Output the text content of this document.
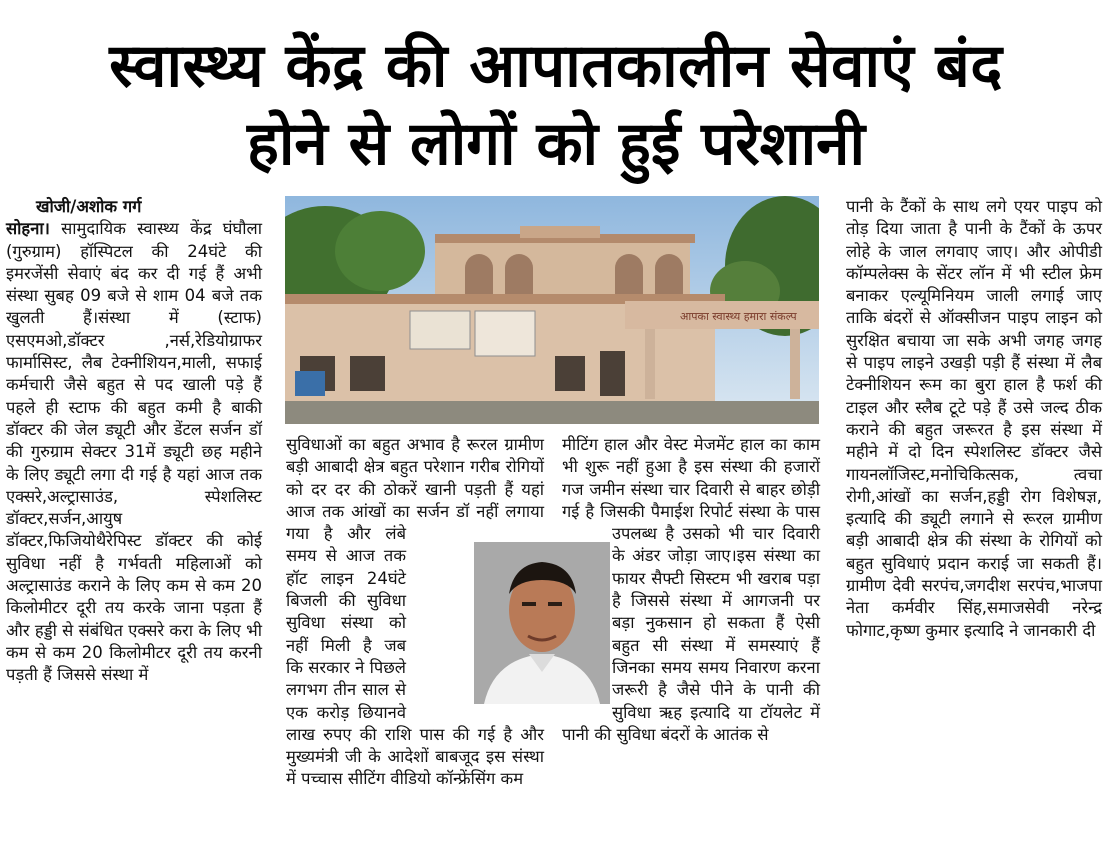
स्वास्थ्य केंद्र की आपातकालीन सेवाएं बंद
होने से लोगों को हुई परेशानी
आपका स्वास्थ्य हमारा संकल्प

खोजी/अशोक गर्ग

सोहना। सामुदायिक स्वास्थ्य केंद्र घंघौला (गुरुग्राम) हॉस्पिटल की 24घंटे की इमरजेंसी सेवाएं बंद कर दी गई हैं अभी संस्था सुबह 09 बजे से शाम 04 बजे तक खुलती हैं।संस्था में (स्टाफ) एसएमओ,डॉक्टर ,नर्स,रेडियोग्राफर फार्मासिस्ट, लैब टेक्नीशियन,माली, सफाई कर्मचारी जैसे बहुत से पद खाली पड़े हैं पहले ही स्टाफ की बहुत कमी है बाकी डॉक्टर की जेल ड्यूटी और डेंटल सर्जन डॉ की गुरुग्राम सेक्टर 31में ड्यूटी छह महीने के लिए ड्यूटी लगा दी गई है यहां आज तक एक्सरे,अल्ट्रासाउंड, स्पेशलिस्ट डॉक्टर,सर्जन,आयुष डॉक्टर,फिजियोथैरेपिस्ट डॉक्टर की कोई सुविधा नहीं है गर्भवती महिलाओं को अल्ट्रासाउंड कराने के लिए कम से कम 20 किलोमीटर दूरी तय करके जाना पड़ता हैं और हड्डी से संबंधित एक्सरे करा के लिए भी कम से कम 20 किलोमीटर दूरी तय करनी पड़ती हैं जिससे संस्था में

सुविधाओं का बहुत अभाव है रूरल ग्रामीण बड़ी आबादी क्षेत्र बहुत परेशान गरीब रोगियों को दर दर की ठोकरें खानी पड़ती हैं यहां आज तक आंखों का सर्जन डॉ नहीं लगाया गया है और लंबे समय से आज तक हॉट लाइन 24घंटे बिजली की सुविधा सुविधा संस्था को नहीं मिली है जब कि सरकार ने पिछले लगभग तीन साल से एक करोड़ छियानवे लाख रुपए की राशि पास की गई है और मुख्यमंत्री जी के आदेशों बाबजूद इस संस्था में पच्चास सीटिंग वीडियो कॉन्फ्रेंसिंग कम

मीटिंग हाल और वेस्ट मेजमेंट हाल का काम भी शुरू नहीं हुआ है इस संस्था की हजारों गज जमीन संस्था चार दिवारी से बाहर छोड़ी गई है जिसकी पैमाईश रिपोर्ट संस्था के पास उपलब्ध है उसको भी चार दिवारी के अंडर जोड़ा जाए।इस संस्था का फायर सैफ्टी सिस्टम भी खराब पड़ा है जिससे संस्था में आगजनी पर बड़ा नुकसान हो सकता हैं ऐसी बहुत सी संस्था में समस्याएं हैं जिनका समय समय निवारण करना जरूरी है जैसे पीने के पानी की सुविधा ऋह इत्यादि या टॉयलेट में पानी की सुविधा बंदरों के आतंक से

पानी के टैंकों के साथ लगे एयर पाइप को तोड़ दिया जाता है पानी के टैंकों के ऊपर लोहे के जाल लगवाए जाए। और ओपीडी कॉम्पलेक्स के सेंटर लॉन में भी स्टील फ्रेम बनाकर एल्यूमिनियम जाली लगाई जाए ताकि बंदरों से ऑक्सीजन पाइप लाइन को सुरक्षित बचाया जा सके अभी जगह जगह से पाइप लाइने उखड़ी पड़ी हैं संस्था में लैब टेक्नीशियन रूम का बुरा हाल है फर्श की टाइल और स्लैब टूटे पड़े हैं उसे जल्द ठीक कराने की बहुत जरूरत है इस संस्था में महीने में दो दिन स्पेशलिस्ट डॉक्टर जैसे गायनलॉजिस्ट,मनोचिकित्सक, त्वचा रोगी,आंखों का सर्जन,हड्डी रोग विशेषज्ञ, इत्यादि की ड्यूटी लगाने से रूरल ग्रामीण बड़ी आबादी क्षेत्र की संस्था के रोगियों को बहुत सुविधाएं प्रदान कराई जा सकती हैं। ग्रामीण देवी सरपंच,जगदीश सरपंच,भाजपा नेता कर्मवीर सिंह,समाजसेवी नरेन्द्र फोगाट,कृष्ण कुमार इत्यादि ने जानकारी दी
